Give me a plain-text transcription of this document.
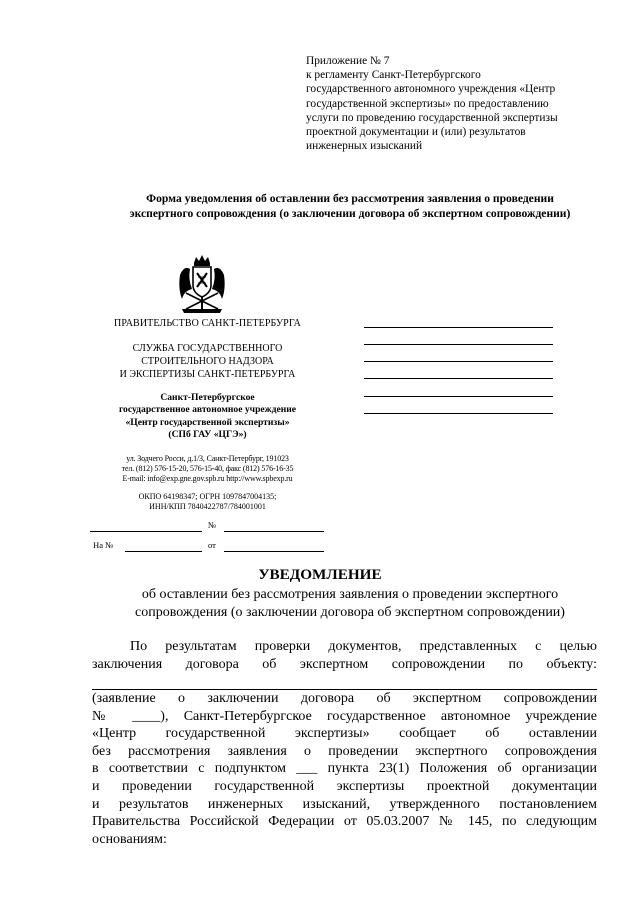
Приложение № 7
к регламенту Санкт-Петербургского
государственного автономного учреждения «Центр
государственной экспертизы» по предоставлению
услуги по проведению государственной экспертизы
проектной документации и (или) результатов
инженерных изысканий
Форма уведомления об оставлении без рассмотрения заявления о проведении
экспертного сопровождения (о заключении договора об экспертном сопровождении)
ПРАВИТЕЛЬСТВО САНКТ-ПЕТЕРБУРГА
СЛУЖБА ГОСУДАРСТВЕННОГО
СТРОИТЕЛЬНОГО НАДЗОРА
И ЭКСПЕРТИЗЫ САНКТ-ПЕТЕРБУРГА
Санкт-Петербургское
государственное автономное учреждение
«Центр государственной экспертизы»
(СПб ГАУ «ЦГЭ»)
ул. Зодчего Росси, д.1/3, Санкт-Петербург, 191023
тел. (812) 576-15-20, 576-15-40, факс (812) 576-16-35
E-mail: info@exp.gne.gov.spb.ru http://www.spbexp.ru
ОКПО 64198347; ОГРН 1097847004135;
ИНН/КПП 7840422787/784001001
№
На №	от
УВЕДОМЛЕНИЕ
об оставлении без рассмотрения заявления о проведении экспертного
сопровождения (о заключении договора об экспертном сопровождении)
По результатам проверки документов, представленных с целью
заключения договора об экспертном сопровождении по объекту:
(заявление о заключении договора об экспертном сопровождении
№ ____), Санкт-Петербургское государственное автономное учреждение
«Центр государственной экспертизы» сообщает об оставлении
без рассмотрения заявления о проведении экспертного сопровождения
в соответствии с подпунктом ___ пункта 23(1) Положения об организации
и проведении государственной экспертизы проектной документации
и результатов инженерных изысканий, утвержденного постановлением
Правительства Российской Федерации от 05.03.2007 № 145, по следующим
основаниям:
